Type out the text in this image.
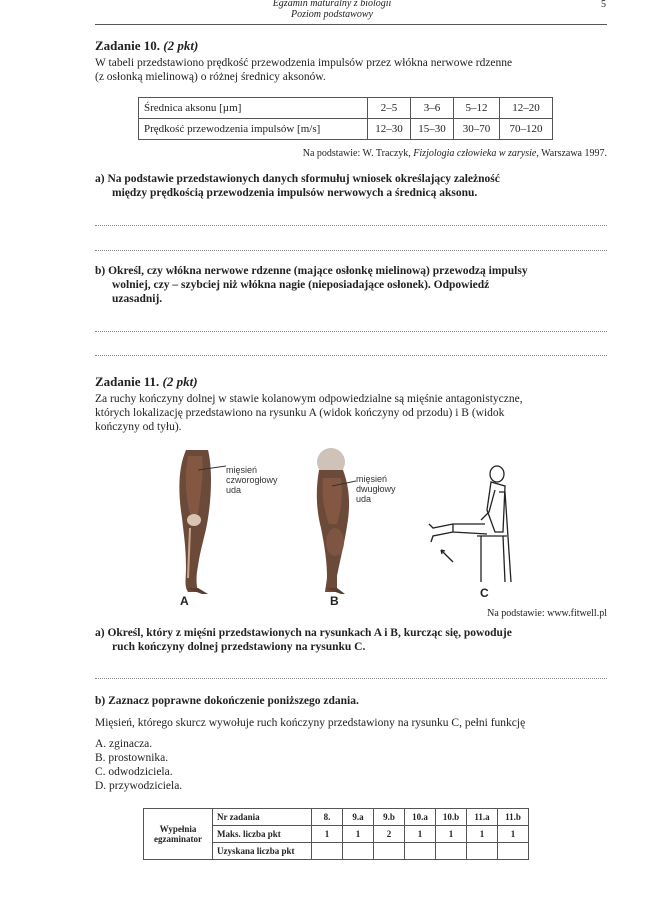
Egzamin maturalny z biologii
Poziom podstawowy
5
Zadanie 10. (2 pkt)
W tabeli przedstawiono prędkość przewodzenia impulsów przez włókna nerwowe rdzenne
(z osłonką mielinową) o różnej średnicy aksonów.
Średnica aksonu [µm]	2–5	3–6	5–12	12–20
Prędkość przewodzenia impulsów [m/s]	12–30	15–30	30–70	70–120
Na podstawie: W. Traczyk, Fizjologia człowieka w zarysie, Warszawa 1997.
a) Na podstawie przedstawionych danych sformułuj wniosek określający zależność
między prędkością przewodzenia impulsów nerwowych a średnicą aksonu.
b) Określ, czy włókna nerwowe rdzenne (mające osłonkę mielinową) przewodzą impulsy
wolniej, czy – szybciej niż włókna nagie (nieposiadające osłonek). Odpowiedź
uzasadnij.
Zadanie 11. (2 pkt)
Za ruchy kończyny dolnej w stawie kolanowym odpowiedzialne są mięśnie antagonistyczne,
których lokalizację przedstawiono na rysunku A (widok kończyny od przodu) i B (widok
kończyny od tyłu).
mięsień
czworogłowy
uda
A
mięsień
dwugłowy
uda
B
C
Na podstawie: www.fitwell.pl
a) Określ, który z mięśni przedstawionych na rysunkach A i B, kurcząc się, powoduje
ruch kończyny dolnej przedstawiony na rysunku C.
b) Zaznacz poprawne dokończenie poniższego zdania.
Mięsień, którego skurcz wywołuje ruch kończyny przedstawiony na rysunku C, pełni funkcję
A. zginacza.
B. prostownika.
C. odwodziciela.
D. przywodziciela.
Wypełnia
egzaminator	Nr zadania	8.	9.a	9.b	10.a	10.b	11.a	11.b
	Maks. liczba pkt	1	1	2	1	1	1	1
	Uzyskana liczba pkt							
